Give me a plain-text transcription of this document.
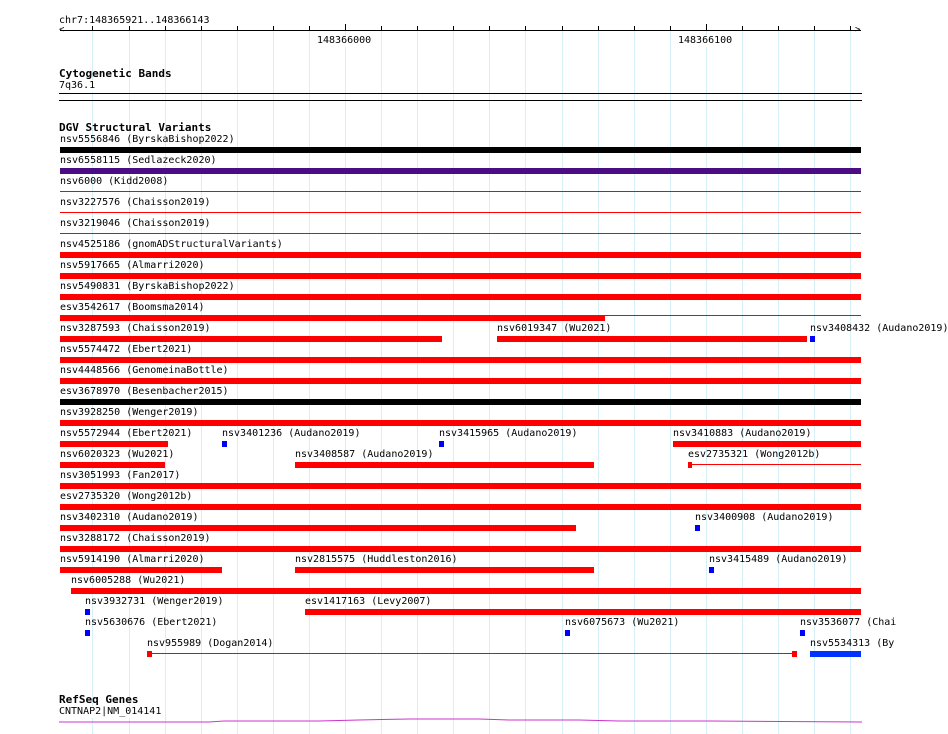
chr7:148365921..148366143
>
148366000	148366100
Cytogenetic Bands
7q36.1
DGV Structural Variants
nsv5556846 (ByrskaBishop2022)
nsv6558115 (Sedlazeck2020)
nsv6000 (Kidd2008)
nsv3227576 (Chaisson2019)
nsv3219046 (Chaisson2019)
nsv4525186 (gnomADStructuralVariants)
nsv5917665 (Almarri2020)
nsv5490831 (ByrskaBishop2022)
esv3542617 (Boomsma2014)
nsv3287593 (Chaisson2019)	nsv6019347 (Wu2021)	nsv3408432 (Audano2019)
nsv5574472 (Ebert2021)
nsv4448566 (GenomeinaBottle)
esv3678970 (Besenbacher2015)
nsv3928250 (Wenger2019)
nsv5572944 (Ebert2021)	nsv3401236 (Audano2019)	nsv3415965 (Audano2019)	nsv3410883 (Audano2019)
nsv6020323 (Wu2021)	nsv3408587 (Audano2019)	esv2735321 (Wong2012b)
nsv3051993 (Fan2017)
esv2735320 (Wong2012b)
nsv3402310 (Audano2019)	nsv3400908 (Audano2019)
nsv3288172 (Chaisson2019)
nsv5914190 (Almarri2020)	nsv2815575 (Huddleston2016)	nsv3415489 (Audano2019)
nsv6005288 (Wu2021)
nsv3932731 (Wenger2019)	esv1417163 (Levy2007)
nsv5630676 (Ebert2021)	nsv6075673 (Wu2021)	nsv3536077 (Chai
nsv955989 (Dogan2014)	nsv5534313 (By
RefSeq Genes
CNTNAP2|NM_014141
